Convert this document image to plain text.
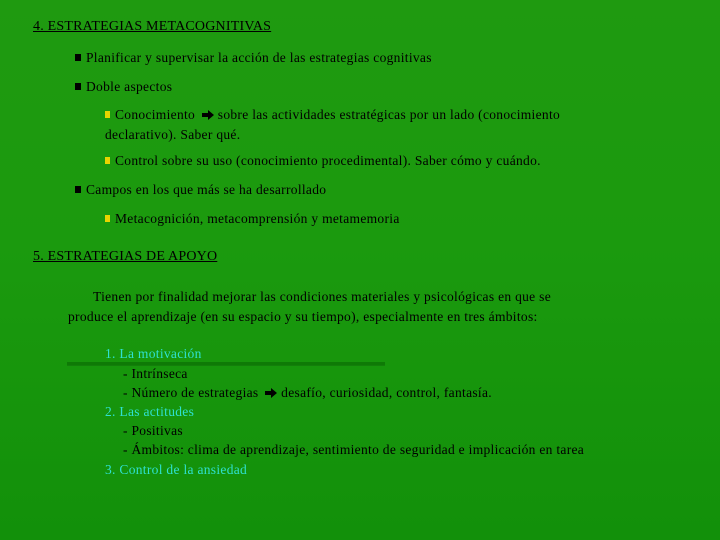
4. ESTRATEGIAS METACOGNITIVAS
Planificar y supervisar la acción de las estrategias cognitivas
Doble aspectos
Conocimiento sobre las actividades estratégicas por un lado (conocimiento
declarativo). Saber qué.
Control sobre su uso (conocimiento procedimental). Saber cómo y cuándo.
Campos en los que más se ha desarrollado
Metacognición, metacomprensión y metamemoria
5. ESTRATEGIAS DE APOYO
Tienen por finalidad mejorar las condiciones materiales y psicológicas en que se
produce el aprendizaje (en su espacio y su tiempo), especialmente en tres ámbitos:
1. La motivación
- Intrínseca
- Número de estrategias desafío, curiosidad, control, fantasía.
2. Las actitudes
- Positivas
- Ámbitos: clima de aprendizaje, sentimiento de seguridad e implicación en tarea
3. Control de la ansiedad
